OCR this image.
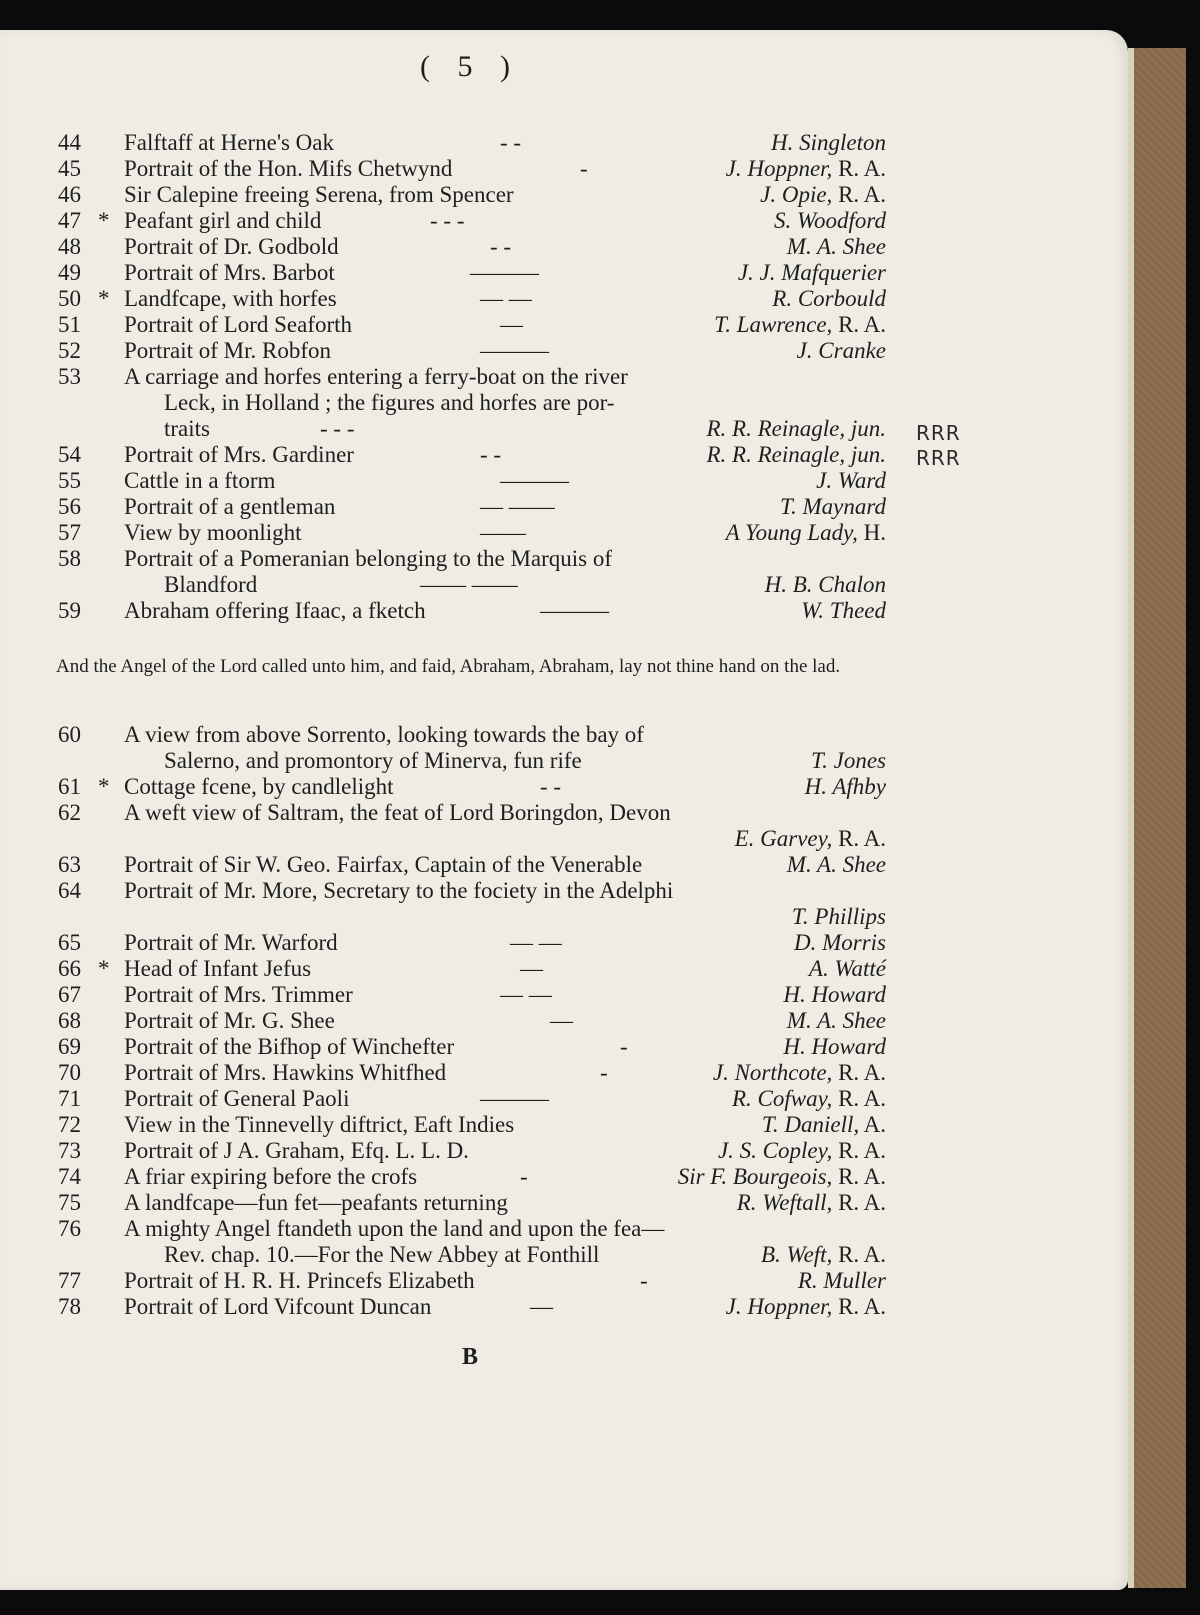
( 5 )
44 Falftaff at Herne's Oak	- -	H. Singleton
45 Portrait of the Hon. Mifs Chetwynd	-	J. Hoppner, R. A.
46 Sir Calepine freeing Serena, from Spencer	J. Opie, R. A.
47 * Peafant girl and child	- - -	S. Woodford
48 Portrait of Dr. Godbold	- -	M. A. Shee
49 Portrait of Mrs. Barbot	———	J. J. Mafquerier
50 * Landfcape, with horfes	— —	R. Corbould
51 Portrait of Lord Seaforth	—	T. Lawrence, R. A.
52 Portrait of Mr. Robfon	———	J. Cranke
53 A carriage and horfes entering a ferry-boat on the river
Leck, in Holland ; the figures and horfes are por-
traits	- - -	R. R. Reinagle, jun.
54 Portrait of Mrs. Gardiner	- -	R. R. Reinagle, jun.
55 Cattle in a ftorm	———	J. Ward
56 Portrait of a gentleman	— ——	T. Maynard
57 View by moonlight	——	A Young Lady, H.
58 Portrait of a Pomeranian belonging to the Marquis of
Blandford	—— ——	H. B. Chalon
59 Abraham offering Ifaac, a fketch	———	W. Theed
60 A view from above Sorrento, looking towards the bay of
Salerno, and promontory of Minerva, fun rife	T. Jones
61 * Cottage fcene, by candlelight	- -	H. Afhby
62 A weft view of Saltram, the feat of Lord Boringdon, Devon
E. Garvey, R. A.
63 Portrait of Sir W. Geo. Fairfax, Captain of the Venerable	M. A. Shee
64 Portrait of Mr. More, Secretary to the fociety in the Adelphi
T. Phillips
65 Portrait of Mr. Warford	— —	D. Morris
66 * Head of Infant Jefus	—	A. Watté
67 Portrait of Mrs. Trimmer	— —	H. Howard
68 Portrait of Mr. G. Shee	—	M. A. Shee
69 Portrait of the Bifhop of Winchefter	-	H. Howard
70 Portrait of Mrs. Hawkins Whitfhed	-	J. Northcote, R. A.
71 Portrait of General Paoli	———	R. Cofway, R. A.
72 View in the Tinnevelly diftrict, Eaft Indies	T. Daniell, A.
73 Portrait of J A. Graham, Efq. L. L. D.	J. S. Copley, R. A.
74 A friar expiring before the crofs	-	Sir F. Bourgeois, R. A.
75 A landfcape—fun fet—peafants returning	R. Weftall, R. A.
76 A mighty Angel ftandeth upon the land and upon the fea—
Rev. chap. 10.—For the New Abbey at Fonthill	B. Weft, R. A.
77 Portrait of H. R. H. Princefs Elizabeth	-	R. Muller
78 Portrait of Lord Vifcount Duncan	—	J. Hoppner, R. A.
And the Angel of the Lord called unto him, and faid, Abraham, Abraham, lay not thine hand on the lad.
RRR
RRR
B
